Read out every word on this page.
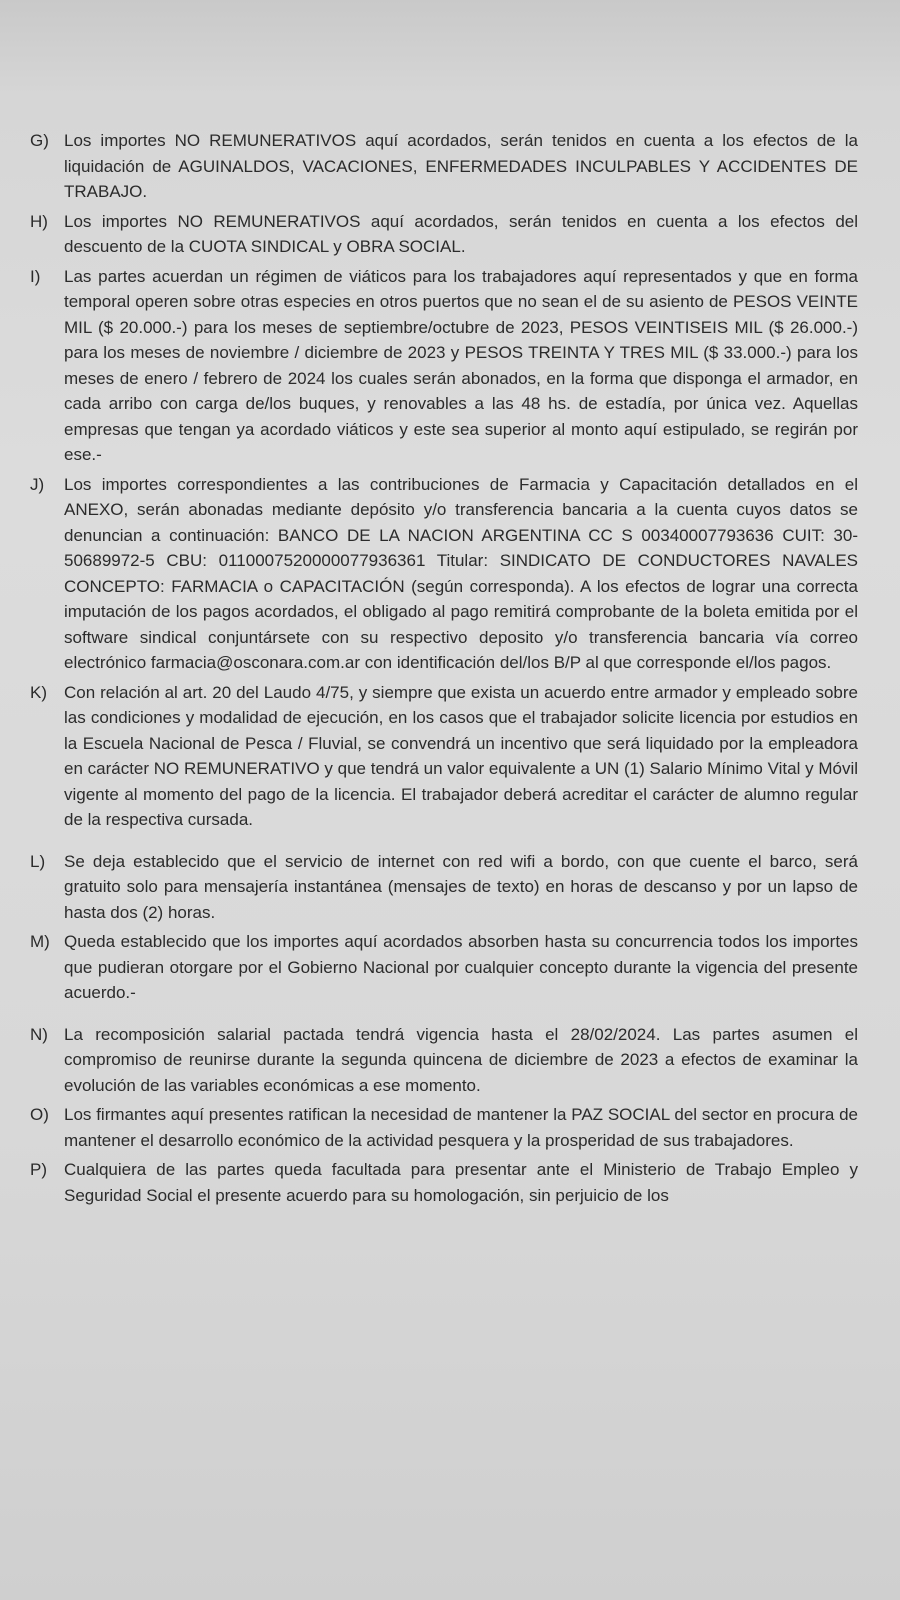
G) Los importes NO REMUNERATIVOS aquí acordados, serán tenidos en cuenta a los efectos de la liquidación de AGUINALDOS, VACACIONES, ENFERMEDADES INCULPABLES Y ACCIDENTES DE TRABAJO.
H) Los importes NO REMUNERATIVOS aquí acordados, serán tenidos en cuenta a los efectos del descuento de la CUOTA SINDICAL y OBRA SOCIAL.
I)	Las partes acuerdan un régimen de viáticos para los trabajadores aquí representados y que en forma temporal operen sobre otras especies en otros puertos que no sean el de su asiento de PESOS VEINTE MIL ($ 20.000.-) para los meses de septiembre/octubre de 2023, PESOS VEINTISEIS MIL ($ 26.000.-) para los meses de noviembre / diciembre de 2023 y PESOS TREINTA Y TRES MIL ($ 33.000.-) para los meses de enero / febrero de 2024 los cuales serán abonados, en la forma que disponga el armador, en cada arribo con carga de/los buques, y renovables a las 48 hs. de estadía, por única vez. Aquellas empresas que tengan ya acordado viáticos y este sea superior al monto aquí estipulado, se regirán por ese.-
J)	Los importes correspondientes a las contribuciones de Farmacia y Capacitación detallados en el ANEXO, serán abonadas mediante depósito y/o transferencia bancaria a la cuenta cuyos datos se denuncian a continuación: BANCO DE LA NACION ARGENTINA CC S 00340007793636 CUIT: 30- 50689972-5 CBU: 0110007520000077936361 Titular: SINDICATO DE CONDUCTORES NAVALES CONCEPTO: FARMACIA o CAPACITACIÓN (según corresponda). A los efectos de lograr una correcta imputación de los pagos acordados, el obligado al pago remitirá comprobante de la boleta emitida por el software sindical conjuntársete con su respectivo deposito y/o transferencia bancaria vía correo electrónico farmacia@osconara.com.ar con identificación del/los B/P al que corresponde el/los pagos.
K)	Con relación al art. 20 del Laudo 4/75, y siempre que exista un acuerdo entre armador y empleado sobre las condiciones y modalidad de ejecución, en los casos que el trabajador solicite licencia por estudios en la Escuela Nacional de Pesca / Fluvial, se convendrá un incentivo que será liquidado por la empleadora en carácter NO REMUNERATIVO y que tendrá un valor equivalente a UN (1) Salario Mínimo Vital y Móvil vigente al momento del pago de la licencia. El trabajador deberá acreditar el carácter de alumno regular de la respectiva cursada.
L)	Se deja establecido que el servicio de internet con red wifi a bordo, con que cuente el barco, será gratuito solo para mensajería instantánea (mensajes de texto) en horas de descanso y por un lapso de hasta dos (2) horas.
M) Queda establecido que los importes aquí acordados absorben hasta su concurrencia todos los importes que pudieran otorgare por el Gobierno Nacional por cualquier concepto durante la vigencia del presente acuerdo.-
N) La recomposición salarial pactada tendrá vigencia hasta el 28/02/2024. Las partes asumen el compromiso de reunirse durante la segunda quincena de diciembre de 2023 a efectos de examinar la evolución de las variables económicas a ese momento.
O) Los firmantes aquí presentes ratifican la necesidad de mantener la PAZ SOCIAL del sector en procura de mantener el desarrollo económico de la actividad pesquera y la prosperidad de sus trabajadores.
P)	Cualquiera de las partes queda facultada para presentar ante el Ministerio de Trabajo Empleo y Seguridad Social el presente acuerdo para su homologación, sin perjuicio de los
